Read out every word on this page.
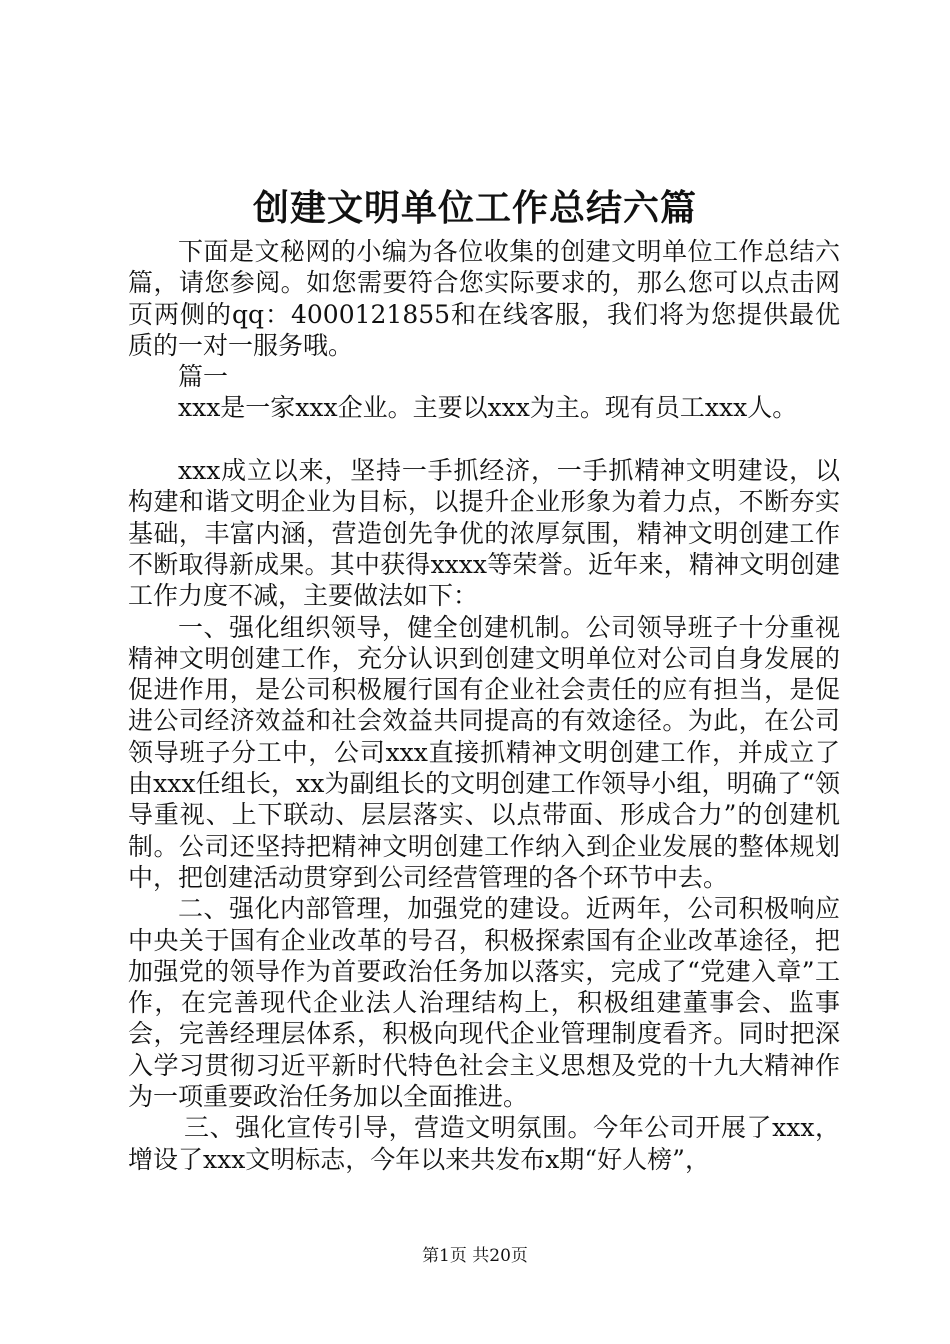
创建文明单位工作总结六篇

下面是文秘网的小编为各位收集的创建文明单位工作总结六篇，请您参阅。如您需要符合您实际要求的，那么您可以点击网页两侧的qq：4000121855和在线客服，我们将为您提供最优质的一对一服务哦。

篇一

xxx是一家xxx企业。主要以xxx为主。现有员工xxx人。

xxx成立以来，坚持一手抓经济，一手抓精神文明建设，以构建和谐文明企业为目标，以提升企业形象为着力点，不断夯实基础，丰富内涵，营造创先争优的浓厚氛围，精神文明创建工作不断取得新成果。其中获得xxxx等荣誉。近年来，精神文明创建工作力度不减，主要做法如下：

一、强化组织领导，健全创建机制。公司领导班子十分重视精神文明创建工作，充分认识到创建文明单位对公司自身发展的促进作用，是公司积极履行国有企业社会责任的应有担当，是促进公司经济效益和社会效益共同提高的有效途径。为此，在公司领导班子分工中，公司xxx直接抓精神文明创建工作，并成立了由xxx任组长，xx为副组长的文明创建工作领导小组，明确了“领导重视、上下联动、层层落实、以点带面、形成合力”的创建机制。公司还坚持把精神文明创建工作纳入到企业发展的整体规划中，把创建活动贯穿到公司经营管理的各个环节中去。

二、强化内部管理，加强党的建设。近两年，公司积极响应中央关于国有企业改革的号召，积极探索国有企业改革途径，把加强党的领导作为首要政治任务加以落实，完成了“党建入章”工作，在完善现代企业法人治理结构上，积极组建董事会、监事会，完善经理层体系，积极向现代企业管理制度看齐。同时把深入学习贯彻习近平新时代特色社会主义思想及党的十九大精神作为一项重要政治任务加以全面推进。

三、强化宣传引导，营造文明氛围。今年公司开展了xxx，增设了xxx文明标志，今年以来共发布x期“好人榜”，

第1页 共20页
